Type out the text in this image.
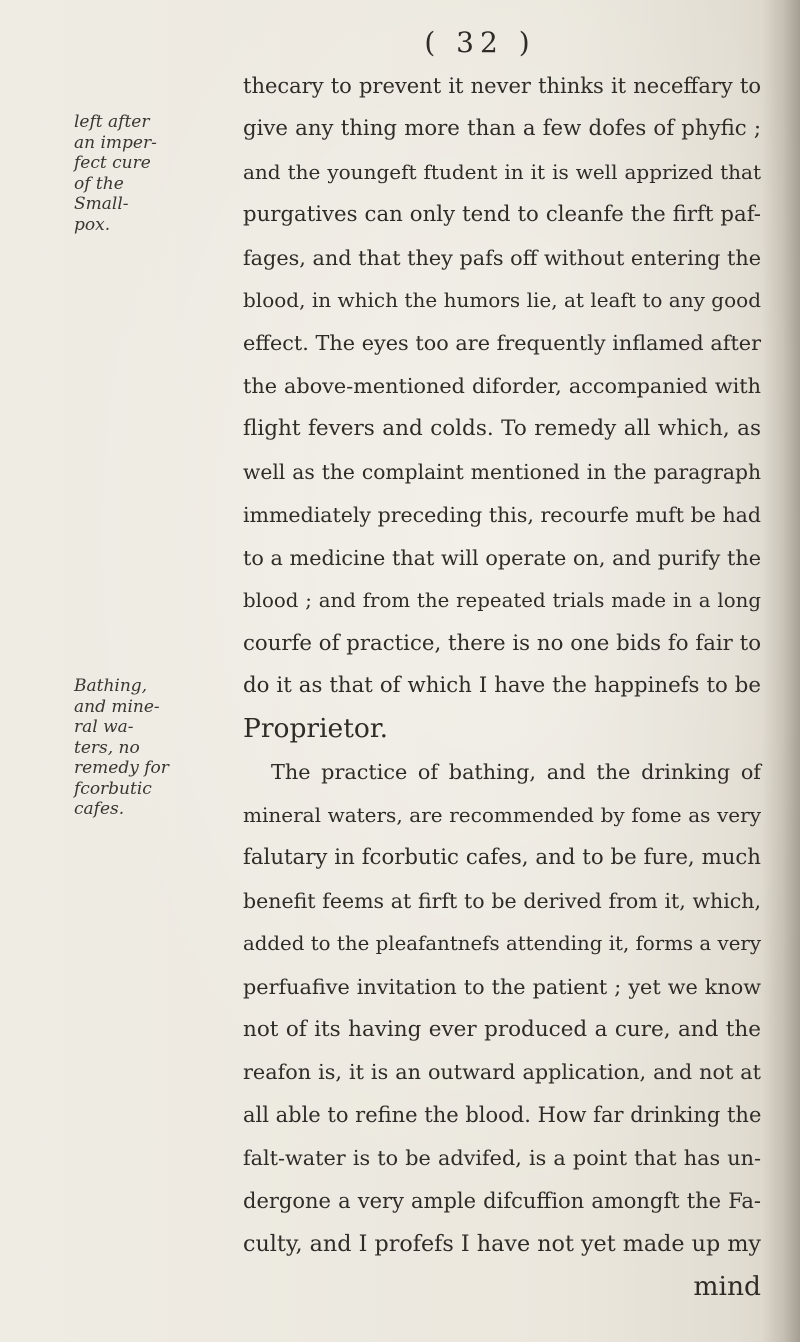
( 32 )
left after
an imper-
fect cure
of the
Small-
pox.
Bathing,
and mine-
ral wa-
ters, no
remedy for
fcorbutic
cafes.
thecary to prevent it never thinks it neceffary to
give any thing more than a few dofes of phyfic ;
and the youngeft ftudent in it is well apprized that
purgatives can only tend to cleanfe the firft paf-
fages, and that they pafs off without entering the
blood, in which the humors lie, at leaft to any good
effect. The eyes too are frequently inflamed after
the above-mentioned diforder, accompanied with
flight fevers and colds. To remedy all which, as
well as the complaint mentioned in the paragraph
immediately preceding this, recourfe muft be had
to a medicine that will operate on, and purify the
blood ; and from the repeated trials made in a long
courfe of practice, there is no one bids fo fair to
do it as that of which I have the happinefs to be
Proprietor.
The practice of bathing, and the drinking of
mineral waters, are recommended by fome as very
falutary in fcorbutic cafes, and to be fure, much
benefit feems at firft to be derived from it, which,
added to the pleafantnefs attending it, forms a very
perfuafive invitation to the patient ; yet we know
not of its having ever produced a cure, and the
reafon is, it is an outward application, and not at
all able to refine the blood. How far drinking the
falt-water is to be advifed, is a point that has un-
dergone a very ample difcuffion amongft the Fa-
culty, and I profefs I have not yet made up my
mind
